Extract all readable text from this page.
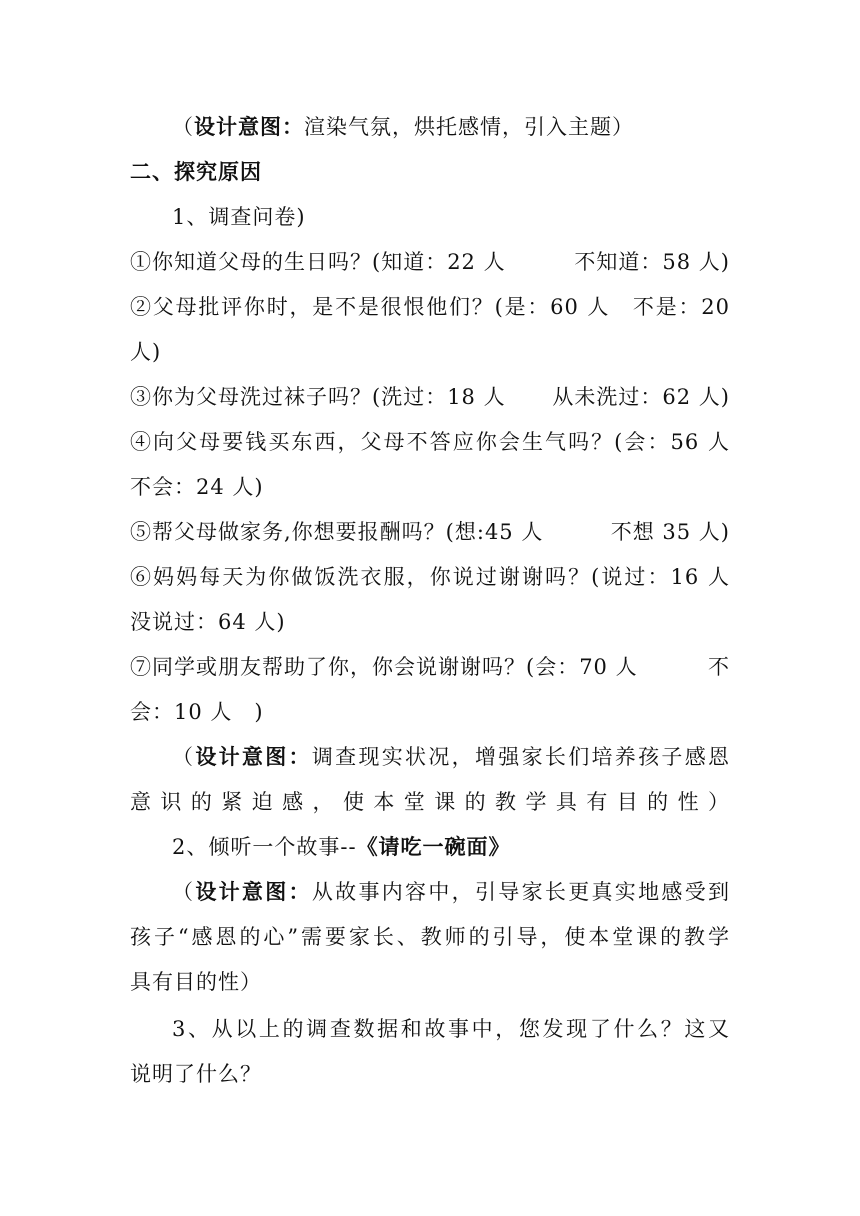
（设计意图：渲染气氛，烘托感情，引入主题）
二、探究原因
1、调查问卷)
①你知道父母的生日吗？(知道：22 人	不知道：58 人)
②父母批评你时，是不是很恨他们？(是：60 人　不是：20
人)
③你为父母洗过袜子吗？(洗过：18 人 从未洗过：62 人)
④向父母要钱买东西，父母不答应你会生气吗？(会：56 人
不会：24 人)
⑤帮父母做家务,你想要报酬吗？(想:45 人	不想 35 人)
⑥妈妈每天为你做饭洗衣服，你说过谢谢吗？(说过：16 人
没说过：64 人)
⑦同学或朋友帮助了你，你会说谢谢吗？(会：70 人	不
会：10 人　)
（设计意图：调查现实状况，增强家长们培养孩子感恩
意识的紧迫感，使本堂课的教学具有目的性）
2、倾听一个故事--《请吃一碗面》
（设计意图：从故事内容中，引导家长更真实地感受到
孩子“感恩的心”需要家长、教师的引导，使本堂课的教学
具有目的性）
3、从以上的调查数据和故事中，您发现了什么？这又
说明了什么？
